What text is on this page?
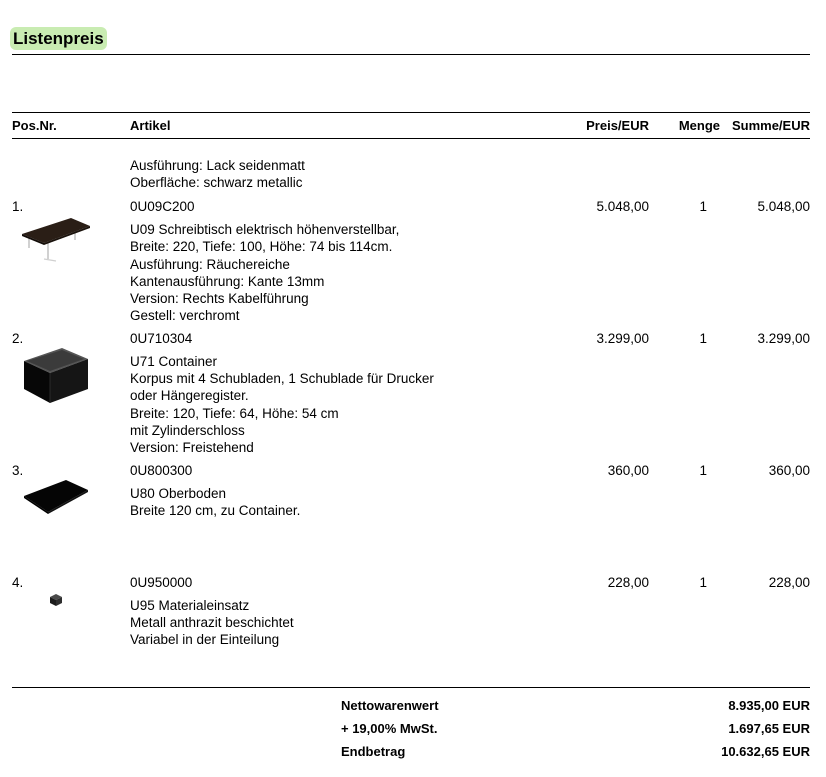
Listenpreis
Pos.Nr.	Artikel	Preis/EUR Menge Summe/EUR
Ausführung: Lack seidenmatt
Oberfläche: schwarz metallic
1.	0U09C200	5.048,00	1	5.048,00
U09 Schreibtisch elektrisch höhenverstellbar,
Breite: 220, Tiefe: 100, Höhe: 74 bis 114cm.
Ausführung: Räuchereiche
Kantenausführung: Kante 13mm
Version: Rechts Kabelführung
Gestell: verchromt
2.	0U710304	3.299,00	1	3.299,00
U71 Container
Korpus mit 4 Schubladen, 1 Schublade für Drucker
oder Hängeregister.
Breite: 120, Tiefe: 64, Höhe: 54 cm
mit Zylinderschloss
Version: Freistehend
3.	0U800300	360,00	1	360,00
U80 Oberboden
Breite 120 cm, zu Container.
4.	0U950000	228,00	1	228,00
U95 Materialeinsatz
Metall anthrazit beschichtet
Variabel in der Einteilung
Nettowarenwert	8.935,00 EUR
+ 19,00% MwSt.	1.697,65 EUR
Endbetrag	10.632,65 EUR
